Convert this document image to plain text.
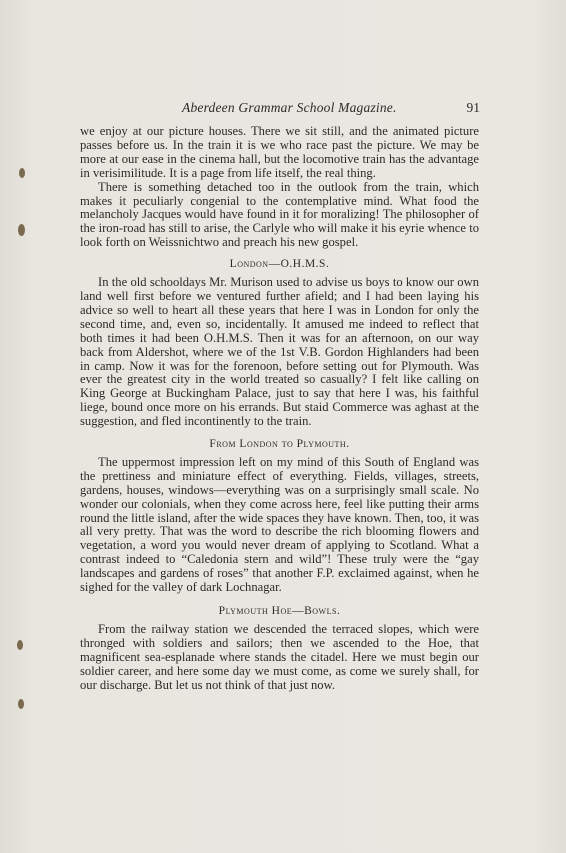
Aberdeen Grammar School Magazine.	91

we enjoy at our picture houses. There we sit still, and the animated picture passes before us. In the train it is we who race past the picture. We may be more at our ease in the cinema hall, but the locomotive train has the advantage in verisimilitude. It is a page from life itself, the real thing.

There is something detached too in the outlook from the train, which makes it peculiarly congenial to the contemplative mind. What food the melancholy Jacques would have found in it for moralizing! The philosopher of the iron-road has still to arise, the Carlyle who will make it his eyrie whence to look forth on Weissnichtwo and preach his new gospel.

London—O.H.M.S.

In the old schooldays Mr. Murison used to advise us boys to know our own land well first before we ventured further afield; and I had been laying his advice so well to heart all these years that here I was in London for only the second time, and, even so, incidentally. It amused me indeed to reflect that both times it had been O.H.M.S. Then it was for an afternoon, on our way back from Aldershot, where we of the 1st V.B. Gordon Highlanders had been in camp. Now it was for the forenoon, before setting out for Plymouth. Was ever the greatest city in the world treated so casually? I felt like calling on King George at Buckingham Palace, just to say that here I was, his faithful liege, bound once more on his errands. But staid Commerce was aghast at the suggestion, and fled incontinently to the train.

From London to Plymouth.

The uppermost impression left on my mind of this South of England was the prettiness and miniature effect of everything. Fields, villages, streets, gardens, houses, windows—everything was on a surprisingly small scale. No wonder our colonials, when they come across here, feel like putting their arms round the little island, after the wide spaces they have known. Then, too, it was all very pretty. That was the word to describe the rich blooming flowers and vegetation, a word you would never dream of applying to Scotland. What a contrast indeed to “Caledonia stern and wild”! These truly were the “gay landscapes and gardens of roses” that another F.P. exclaimed against, when he sighed for the valley of dark Lochnagar.

Plymouth Hoe—Bowls.

From the railway station we descended the terraced slopes, which were thronged with soldiers and sailors; then we ascended to the Hoe, that magnificent sea-esplanade where stands the citadel. Here we must begin our soldier career, and here some day we must come, as come we surely shall, for our discharge. But let us not think of that just now.
